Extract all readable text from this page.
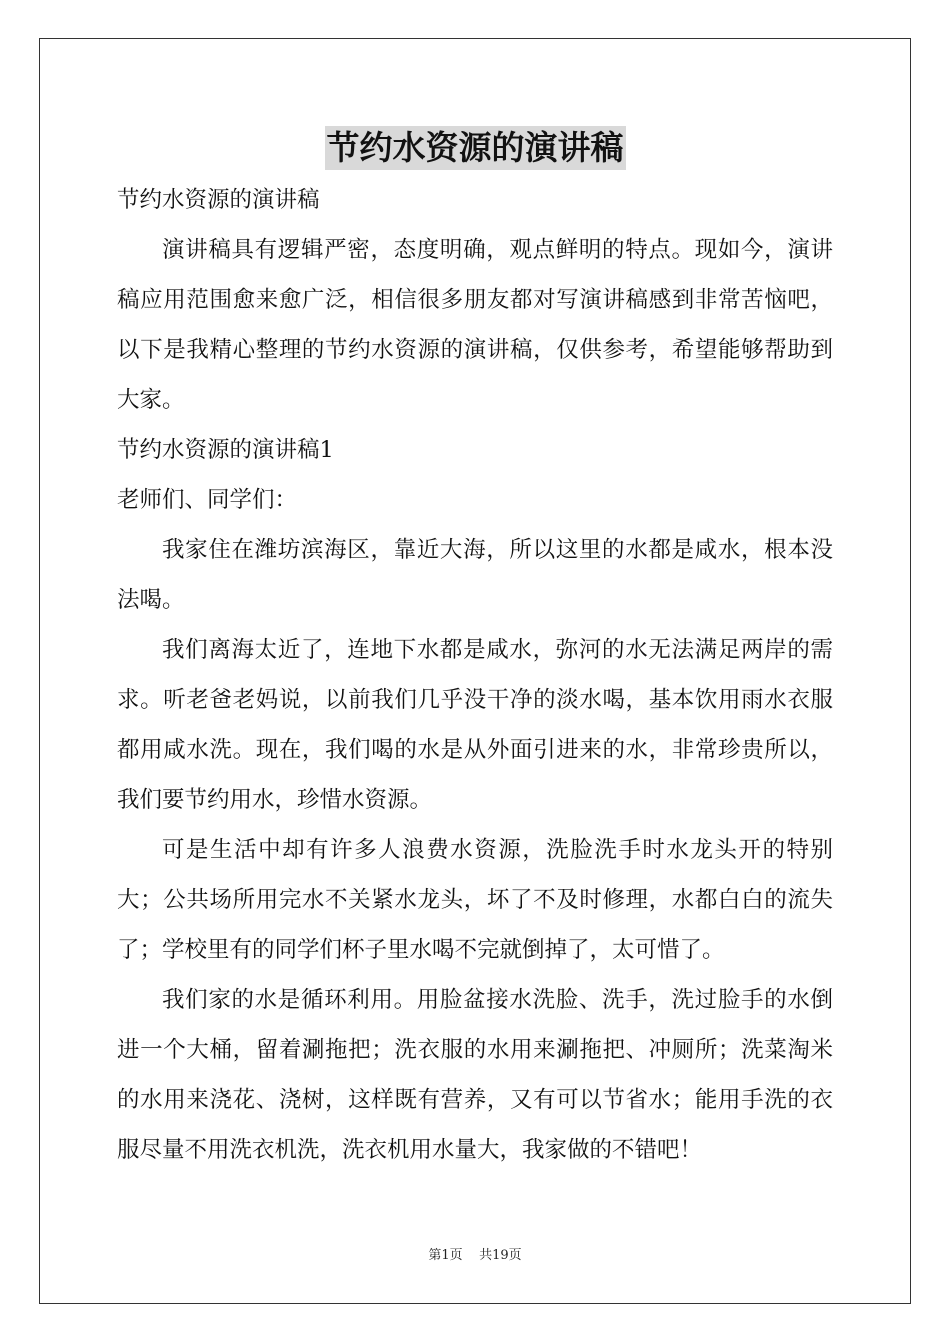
节约水资源的演讲稿

节约水资源的演讲稿

演讲稿具有逻辑严密，态度明确，观点鲜明的特点。现如今，演讲稿应用范围愈来愈广泛，相信很多朋友都对写演讲稿感到非常苦恼吧，以下是我精心整理的节约水资源的演讲稿，仅供参考，希望能够帮助到大家。

节约水资源的演讲稿1

老师们、同学们：

我家住在潍坊滨海区，靠近大海，所以这里的水都是咸水，根本没法喝。

我们离海太近了，连地下水都是咸水，弥河的水无法满足两岸的需求。听老爸老妈说，以前我们几乎没干净的淡水喝，基本饮用雨水衣服都用咸水洗。现在，我们喝的水是从外面引进来的水，非常珍贵所以，我们要节约用水，珍惜水资源。

可是生活中却有许多人浪费水资源，洗脸洗手时水龙头开的特别大；公共场所用完水不关紧水龙头，坏了不及时修理，水都白白的流失了；学校里有的同学们杯子里水喝不完就倒掉了，太可惜了。

我们家的水是循环利用。用脸盆接水洗脸、洗手，洗过脸手的水倒进一个大桶，留着涮拖把；洗衣服的水用来涮拖把、冲厕所；洗菜淘米的水用来浇花、浇树，这样既有营养，又有可以节省水；能用手洗的衣服尽量不用洗衣机洗，洗衣机用水量大，我家做的不错吧！

第1页 共19页
